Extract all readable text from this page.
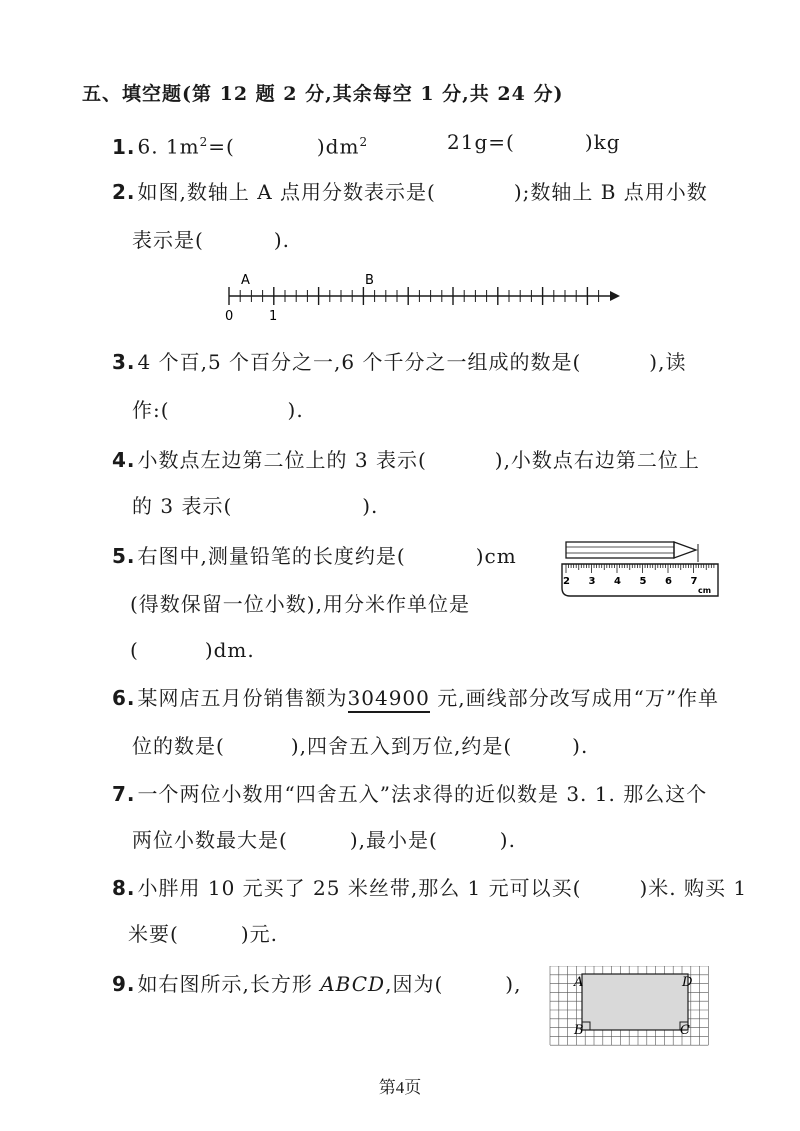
五、填空题(第 12 题 2 分,其余每空 1 分,共 24 分)
1. 6. $1m^2=$(	)$dm^2$	21g=(	)kg
2. 如图,数轴上 A 点用分数表示是(	);数轴上 B 点用小数
表示是(	).
A	B
0	1
3. 4 个百,5 个百分之一,6 个千分之一组成的数是(	),读
作:(	).
4. 小数点左边第二位上的 3 表示(	),小数点右边第二位上
的 3 表示(	).
5. 右图中,测量铅笔的长度约是(	)cm
(得数保留一位小数),用分米作单位是
(	)dm.
2 3 4 5 6 7
cm
6. 某网店五月份销售额为304900 元,画线部分改写成用“万”作单
位的数是(	),四舍五入到万位,约是(	).
7. 一个两位小数用“四舍五入”法求得的近似数是 3. 1. 那么这个
两位小数最大是(	),最小是(	).
8. 小胖用 10 元买了 25 米丝带,那么 1 元可以买(	)米. 购买 1
米要(	)元.
9. 如右图所示,长方形 ABCD,因为(	),	A
B	C
D
第4页
